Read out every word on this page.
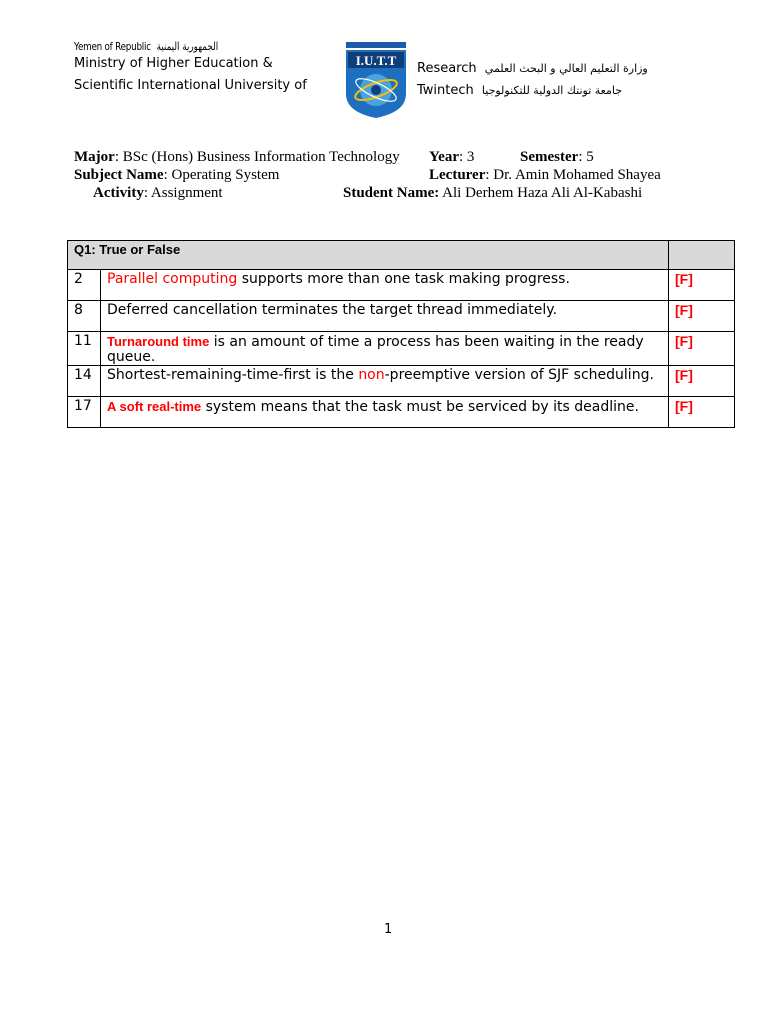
Yemen of Republic الجمهورية اليمنية
Ministry of Higher Education &
Scientific International University of
I.U.T.T
Research وزارة التعليم العالي و البحث العلمي
Twintech جامعة تونتك الدولية للتكنولوجيا
Major: BSc (Hons) Business Information Technology Year: 3	Semester: 5
Subject Name: Operating System	Lecturer: Dr. Amin Mohamed Shayea
Activity: Assignment	Student Name: Ali Derhem Haza Ali Al-Kabashi
Q1: True or False		
2	Parallel computing supports more than one task making progress.	[F]
8	Deferred cancellation terminates the target thread immediately.	[F]
11	Turnaround time is an amount of time a process has been waiting in the ready queue.	[F]
14	Shortest-remaining-time-first is the non-preemptive version of SJF scheduling.	[F]
17	A soft real-time system means that the task must be serviced by its deadline.	[F]
1
